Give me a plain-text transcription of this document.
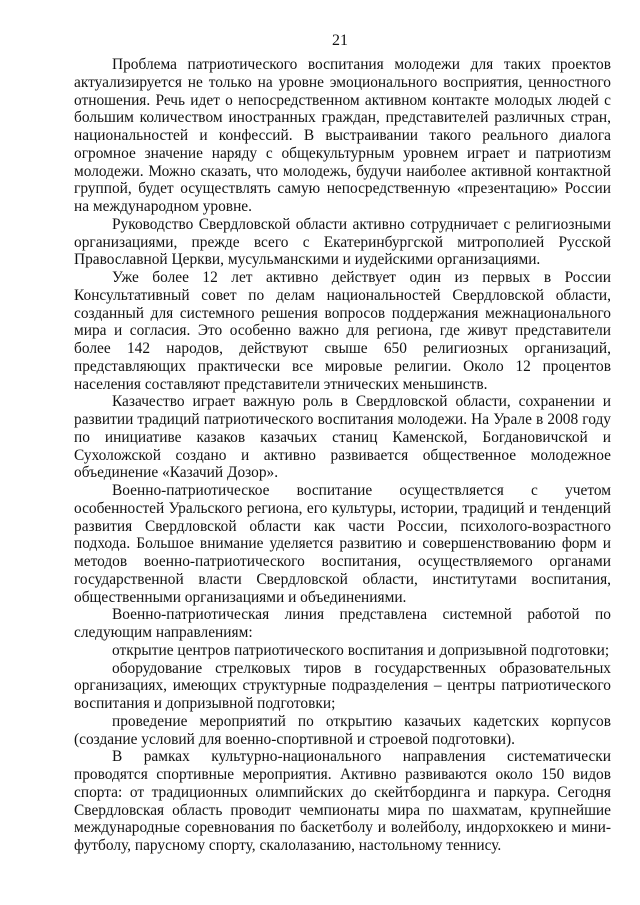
21

Проблема патриотического воспитания молодежи для таких проектов актуализируется не только на уровне эмоционального восприятия, ценностного отношения. Речь идет о непосредственном активном контакте молодых людей с большим количеством иностранных граждан, представителей различных стран, национальностей и конфессий. В выстраивании такого реального диалога огромное значение наряду с общекультурным уровнем играет и патриотизм молодежи. Можно сказать, что молодежь, будучи наиболее активной контактной группой, будет осуществлять самую непосредственную «презентацию» России на международном уровне.

Руководство Свердловской области активно сотрудничает с религиозными организациями, прежде всего с Екатеринбургской митрополией Русской Православной Церкви, мусульманскими и иудейскими организациями.

Уже более 12 лет активно действует один из первых в России Консультативный совет по делам национальностей Свердловской области, созданный для системного решения вопросов поддержания межнационального мира и согласия. Это особенно важно для региона, где живут представители более 142 народов, действуют свыше 650 религиозных организаций, представляющих практически все мировые религии. Около 12 процентов населения составляют представители этнических меньшинств.

Казачество играет важную роль в Свердловской области, сохранении и развитии традиций патриотического воспитания молодежи. На Урале в 2008 году по инициативе казаков казачьих станиц Каменской, Богдановичской и Сухоложской создано и активно развивается общественное молодежное объединение «Казачий Дозор».

Военно-патриотическое воспитание осуществляется с учетом особенностей Уральского региона, его культуры, истории, традиций и тенденций развития Свердловской области как части России, психолого-возрастного подхода. Большое внимание уделяется развитию и совершенствованию форм и методов военно-патриотического воспитания, осуществляемого органами государственной власти Свердловской области, институтами воспитания, общественными организациями и объединениями.

Военно-патриотическая линия представлена системной работой по следующим направлениям:

открытие центров патриотического воспитания и допризывной подготовки;

оборудование стрелковых тиров в государственных образовательных организациях, имеющих структурные подразделения – центры патриотического воспитания и допризывной подготовки;

проведение мероприятий по открытию казачьих кадетских корпусов (создание условий для военно-спортивной и строевой подготовки).

В рамках культурно-национального направления систематически проводятся спортивные мероприятия. Активно развиваются около 150 видов спорта: от традиционных олимпийских до скейтбординга и паркура. Сегодня Свердловская область проводит чемпионаты мира по шахматам, крупнейшие международные соревнования по баскетболу и волейболу, индорхоккею и мини-футболу, парусному спорту, скалолазанию, настольному теннису.
